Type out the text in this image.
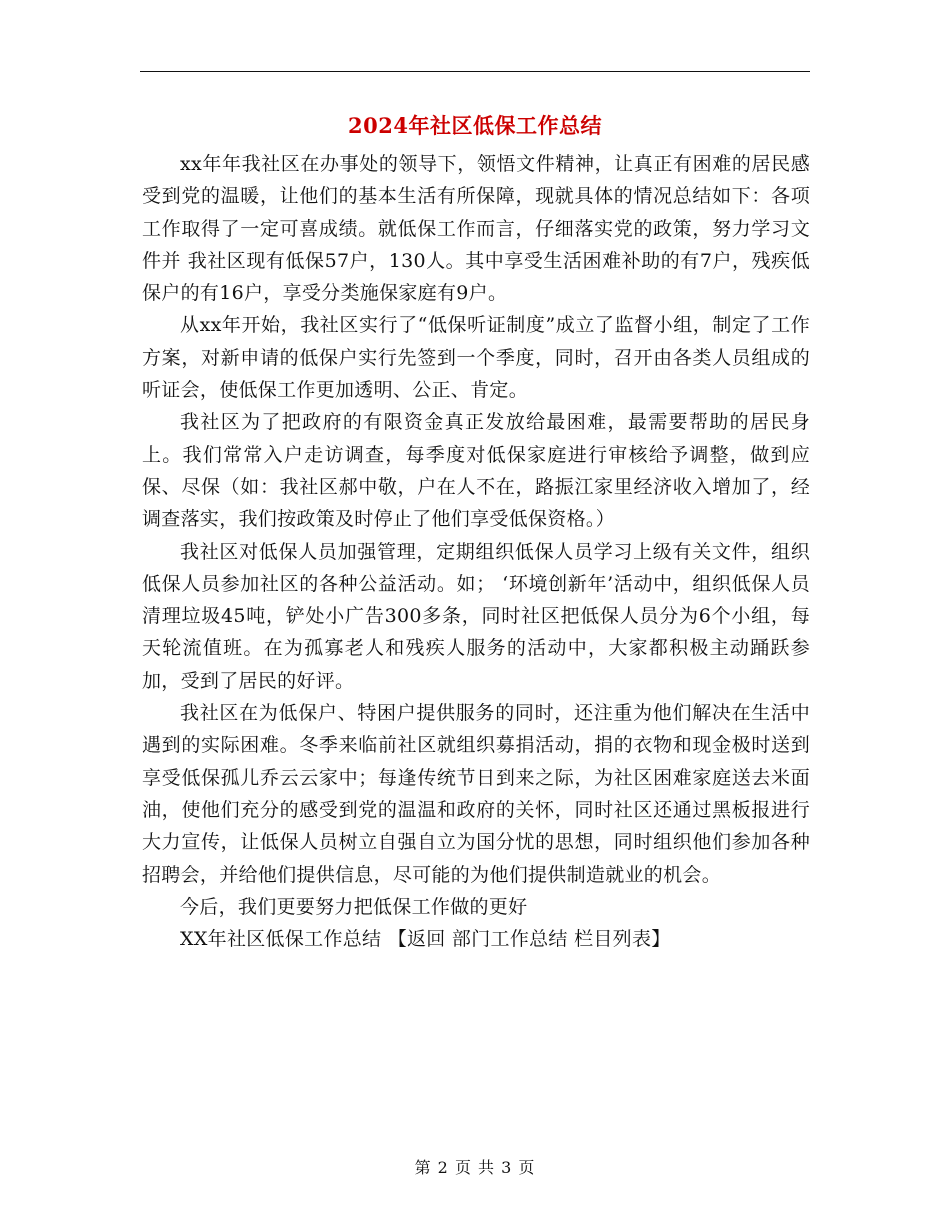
2024年社区低保工作总结

xx年年我社区在办事处的领导下，领悟文件精神，让真正有困难的居民感受到党的温暖，让他们的基本生活有所保障，现就具体的情况总结如下：各项工作取得了一定可喜成绩。就低保工作而言，仔细落实党的政策，努力学习文件并 我社区现有低保57户，130人。其中享受生活困难补助的有7户，残疾低保户的有16户，享受分类施保家庭有9户。

从xx年开始，我社区实行了“低保听证制度”成立了监督小组，制定了工作方案，对新申请的低保户实行先签到一个季度，同时，召开由各类人员组成的听证会，使低保工作更加透明、公正、肯定。

我社区为了把政府的有限资金真正发放给最困难，最需要帮助的居民身上。我们常常入户走访调查，每季度对低保家庭进行审核给予调整，做到应保、尽保（如：我社区郝中敬，户在人不在，路振江家里经济收入增加了，经调查落实，我们按政策及时停止了他们享受低保资格。）

我社区对低保人员加强管理，定期组织低保人员学习上级有关文件，组织低保人员参加社区的各种公益活动。如； ‘环境创新年’活动中，组织低保人员清理垃圾45吨，铲处小广告300多条，同时社区把低保人员分为6个小组，每天轮流值班。在为孤寡老人和残疾人服务的活动中，大家都积极主动踊跃参加，受到了居民的好评。

我社区在为低保户、特困户提供服务的同时，还注重为他们解决在生活中遇到的实际困难。冬季来临前社区就组织募捐活动，捐的衣物和现金极时送到享受低保孤儿乔云云家中；每逢传统节日到来之际，为社区困难家庭送去米面油，使他们充分的感受到党的温温和政府的关怀，同时社区还通过黑板报进行大力宣传，让低保人员树立自强自立为国分忧的思想，同时组织他们参加各种招聘会，并给他们提供信息，尽可能的为他们提供制造就业的机会。

今后，我们更要努力把低保工作做的更好

XX年社区低保工作总结 【返回 部门工作总结 栏目列表】

第 2 页 共 3 页
